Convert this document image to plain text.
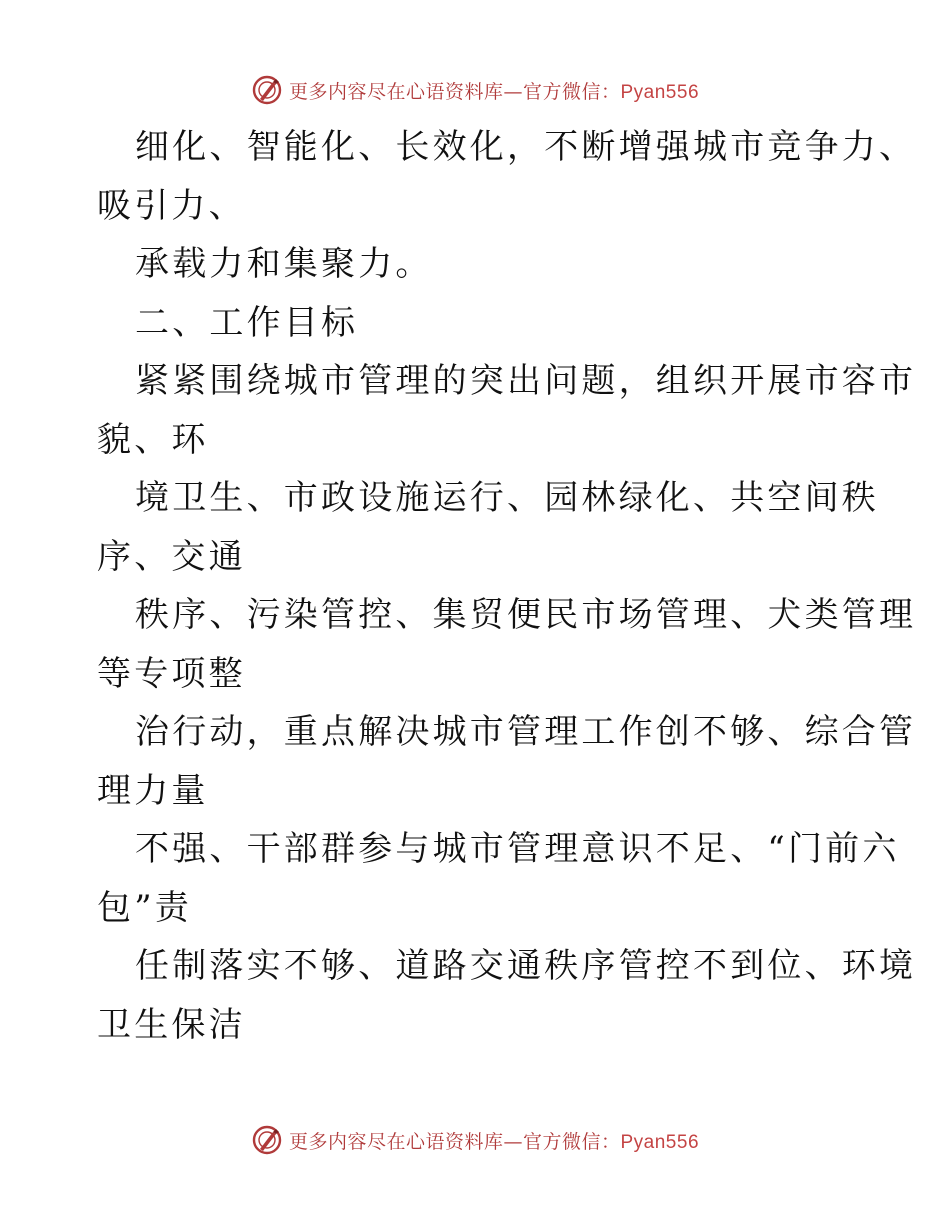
更多内容尽在心语资料库—官方微信：Pyan556
细化、智能化、长效化，不断增强城市竞争力、
吸引力、
承载力和集聚力。
二、工作目标
紧紧围绕城市管理的突出问题，组织开展市容市
貌、环
境卫生、市政设施运行、园林绿化、共空间秩
序、交通
秩序、污染管控、集贸便民市场管理、犬类管理
等专项整
治行动，重点解决城市管理工作创不够、综合管
理力量
不强、干部群参与城市管理意识不足、“门前六
包”责
任制落实不够、道路交通秩序管控不到位、环境
卫生保洁
更多内容尽在心语资料库—官方微信：Pyan556
